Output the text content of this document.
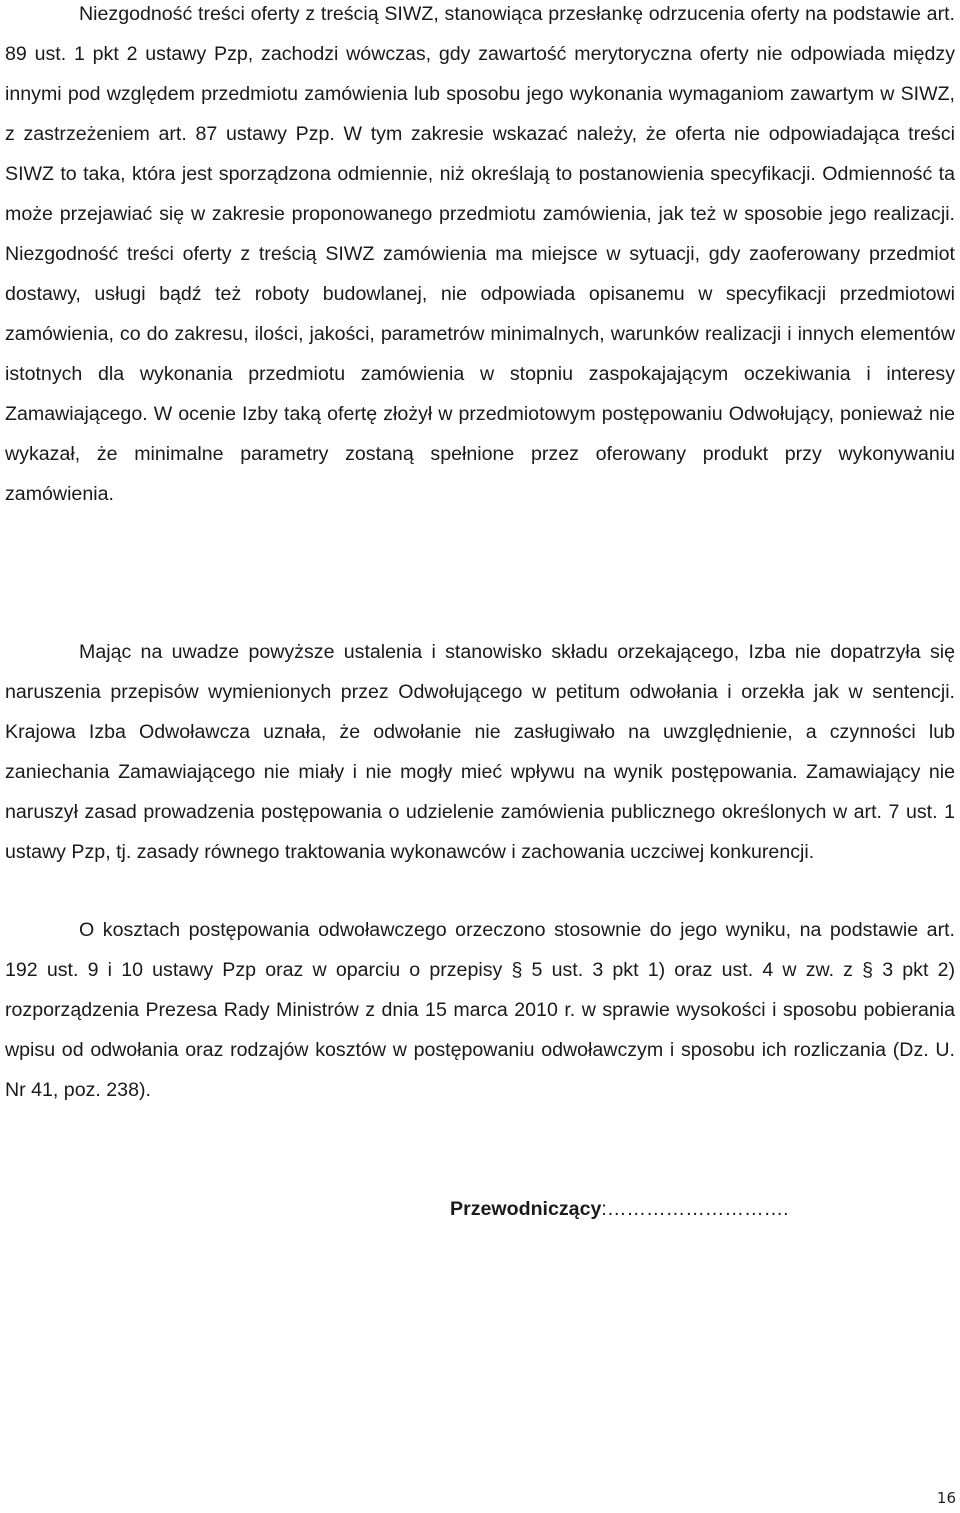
Niezgodność treści oferty z treścią SIWZ, stanowiąca przesłankę odrzucenia oferty na podstawie art. 89 ust. 1 pkt 2 ustawy Pzp, zachodzi wówczas, gdy zawartość merytoryczna oferty nie odpowiada między innymi pod względem przedmiotu zamówienia lub sposobu jego wykonania wymaganiom zawartym w SIWZ, z zastrzeżeniem art. 87 ustawy Pzp. W tym zakresie wskazać należy, że oferta nie odpowiadająca treści SIWZ to taka, która jest sporządzona odmiennie, niż określają to postanowienia specyfikacji. Odmienność ta może przejawiać się w zakresie proponowanego przedmiotu zamówienia, jak też w sposobie jego realizacji. Niezgodność treści oferty z treścią SIWZ zamówienia ma miejsce w sytuacji, gdy zaoferowany przedmiot dostawy, usługi bądź też roboty budowlanej, nie odpowiada opisanemu w specyfikacji przedmiotowi zamówienia, co do zakresu, ilości, jakości, parametrów minimalnych, warunków realizacji i innych elementów istotnych dla wykonania przedmiotu zamówienia w stopniu zaspokajającym oczekiwania i interesy Zamawiającego. W ocenie Izby taką ofertę złożył w przedmiotowym postępowaniu Odwołujący, ponieważ nie wykazał, że minimalne parametry zostaną spełnione przez oferowany produkt przy wykonywaniu zamówienia.

Mając na uwadze powyższe ustalenia i stanowisko składu orzekającego, Izba nie dopatrzyła się naruszenia przepisów wymienionych przez Odwołującego w petitum odwołania i orzekła jak w sentencji. Krajowa Izba Odwoławcza uznała, że odwołanie nie zasługiwało na uwzględnienie, a czynności lub zaniechania Zamawiającego nie miały i nie mogły mieć wpływu na wynik postępowania. Zamawiający nie naruszył zasad prowadzenia postępowania o udzielenie zamówienia publicznego określonych w art. 7 ust. 1 ustawy Pzp, tj. zasady równego traktowania wykonawców i zachowania uczciwej konkurencji.

O kosztach postępowania odwoławczego orzeczono stosownie do jego wyniku, na podstawie art. 192 ust. 9 i 10 ustawy Pzp oraz w oparciu o przepisy § 5 ust. 3 pkt 1) oraz ust. 4 w zw. z § 3 pkt 2) rozporządzenia Prezesa Rady Ministrów z dnia 15 marca 2010 r. w sprawie wysokości i sposobu pobierania wpisu od odwołania oraz rodzajów kosztów w postępowaniu odwoławczym i sposobu ich rozliczania (Dz. U. Nr 41, poz. 238).

Przewodniczący:……………………….
16
